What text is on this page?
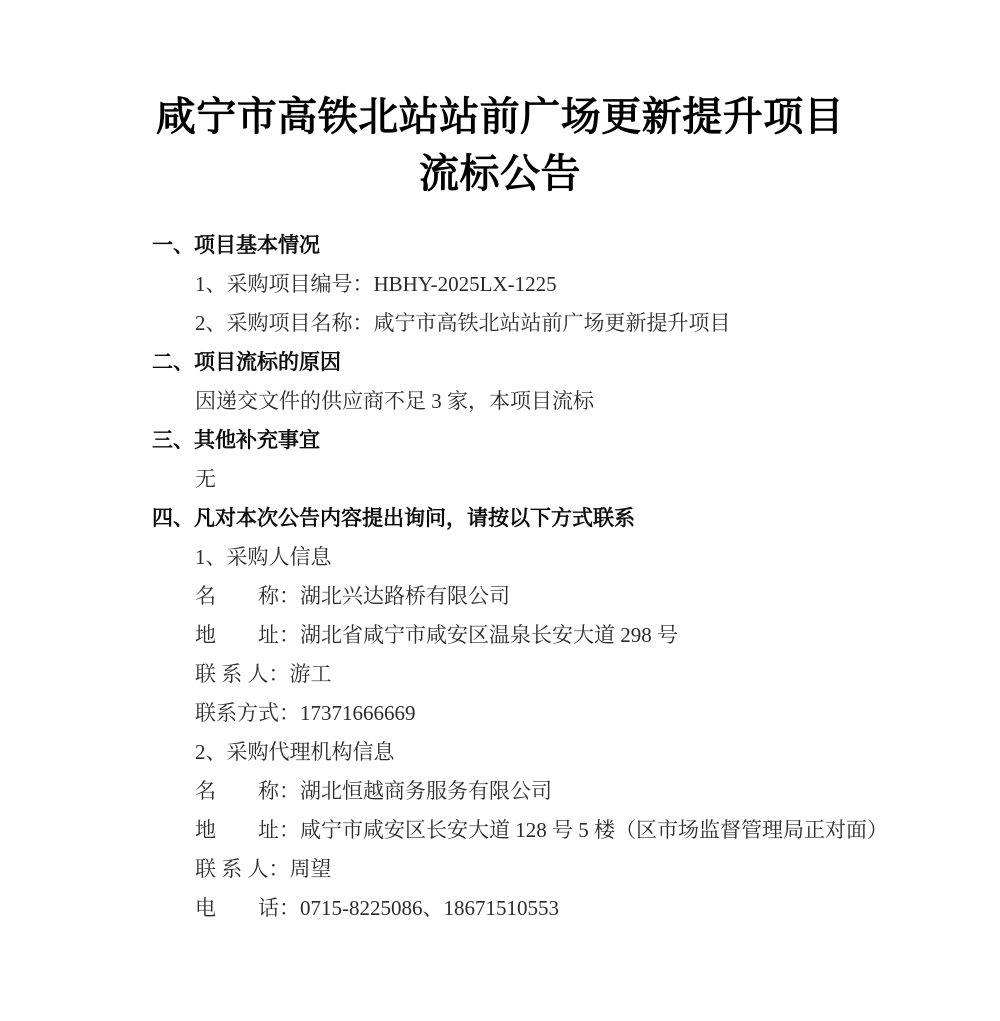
咸宁市高铁北站站前广场更新提升项目
流标公告

一、项目基本情况

1、采购项目编号：HBHY-2025LX-1225

2、采购项目名称：咸宁市高铁北站站前广场更新提升项目

二、项目流标的原因

因递交文件的供应商不足 3 家，本项目流标

三、其他补充事宜

无

四、凡对本次公告内容提出询问，请按以下方式联系

1、采购人信息

名　　称：湖北兴达路桥有限公司

地　　址：湖北省咸宁市咸安区温泉长安大道 298 号

联 系 人：游工

联系方式：17371666669

2、采购代理机构信息

名　　称：湖北恒越商务服务有限公司

地　　址：咸宁市咸安区长安大道 128 号 5 楼（区市场监督管理局正对面）

联 系 人：周望

电　　话：0715-8225086、18671510553
